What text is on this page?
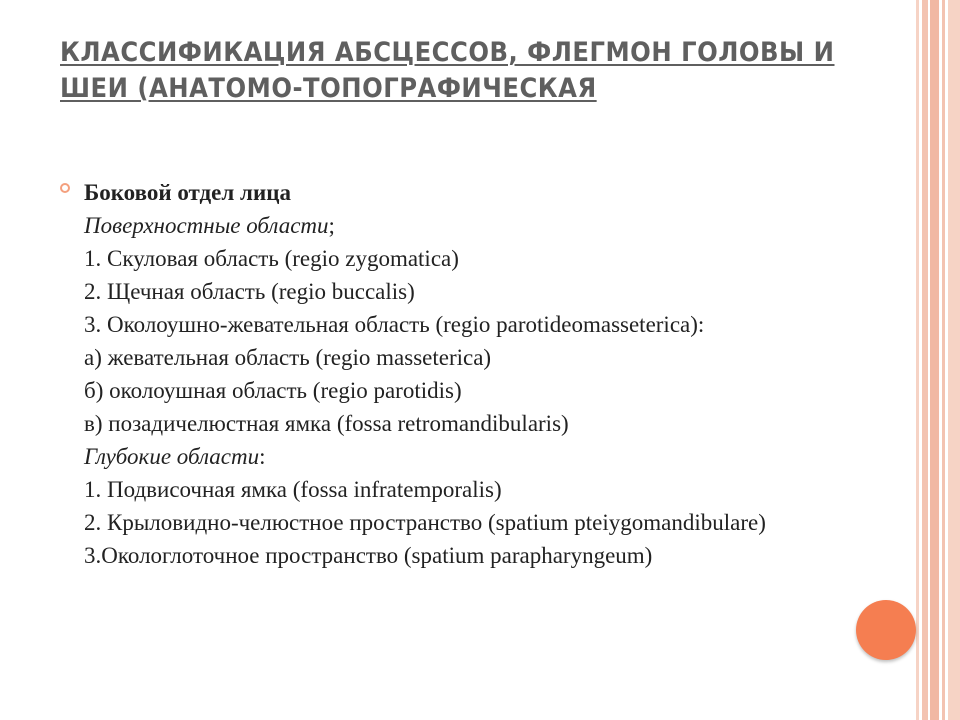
КЛАССИФИКАЦИЯ АБСЦЕССОВ, ФЛЕГМОН ГОЛОВЫ И ШЕИ (АНАТОМО-ТОПОГРАФИЧЕСКАЯ
Боковой отдел лица
Поверхностные области;
1. Скуловая область (regio zygomatica)
2. Щечная область (regio buccalis)
3. Околоушно-жевательная область (regio parotideomasseterica):
а) жевательная область (regio masseterica)
б) околоушная область (regio parotidis)
в) позадичелюстная ямка (fossa retromandibularis)
Глубокие области:
1. Подвисочная ямка (fossa infratemporalis)
2. Крыловидно-челюстное пространство (spatium pteiygomandibulare)
3.Окологлоточное пространство (spatium parapharyngeum)
